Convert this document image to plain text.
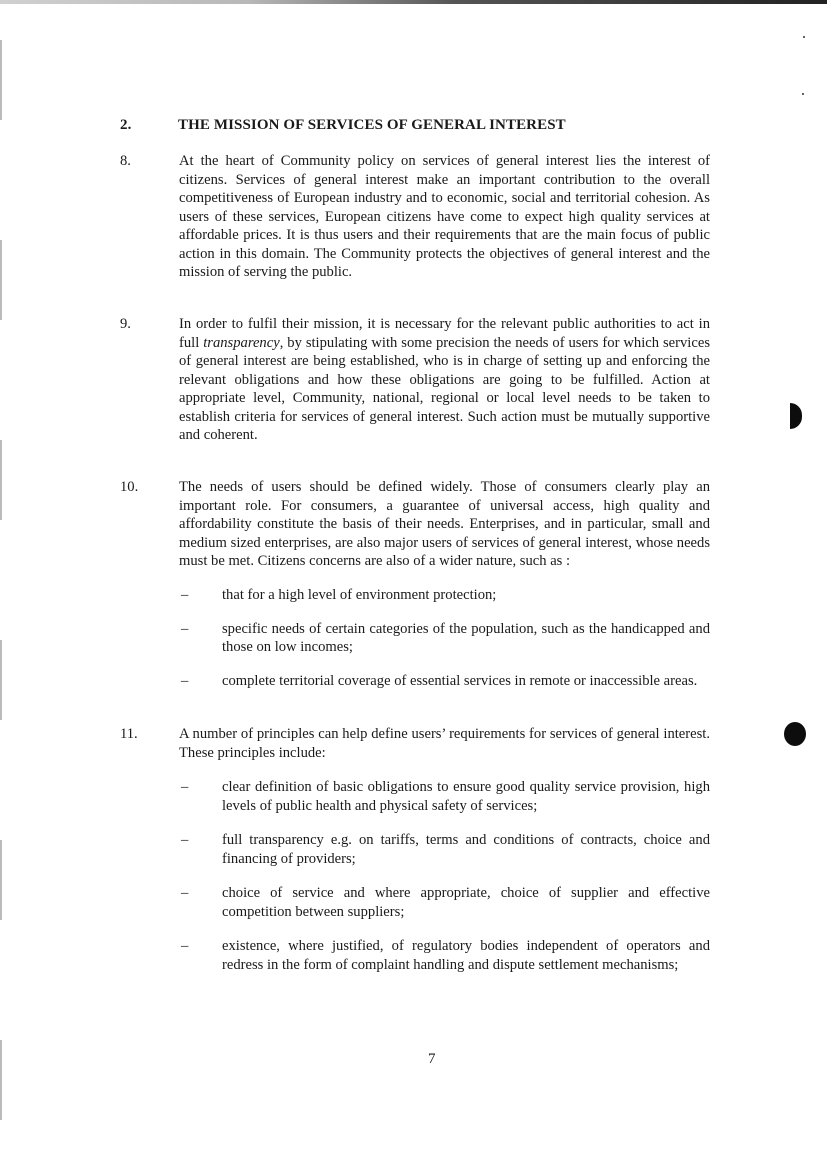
2.	THE MISSION OF SERVICES OF GENERAL INTEREST
8.	At the heart of Community policy on services of general interest lies the interest of citizens. Services of general interest make an important contribution to the overall competitiveness of European industry and to economic, social and territorial cohesion. As users of these services, European citizens have come to expect high quality services at affordable prices. It is thus users and their requirements that are the main focus of public action in this domain. The Community protects the objectives of general interest and the mission of serving the public.
9.	In order to fulfil their mission, it is necessary for the relevant public authorities to act in full transparency, by stipulating with some precision the needs of users for which services of general interest are being established, who is in charge of setting up and enforcing the relevant obligations and how these obligations are going to be fulfilled. Action at appropriate level, Community, national, regional or local level needs to be taken to establish criteria for services of general interest. Such action must be mutually supportive and coherent.
10.	The needs of users should be defined widely. Those of consumers clearly play an important role. For consumers, a guarantee of universal access, high quality and affordability constitute the basis of their needs. Enterprises, and in particular, small and medium sized enterprises, are also major users of services of general interest, whose needs must be met. Citizens concerns are also of a wider nature, such as :
– that for a high level of environment protection;
– specific needs of certain categories of the population, such as the handicapped and those on low incomes;
– complete territorial coverage of essential services in remote or inaccessible areas.
11.	A number of principles can help define users’ requirements for services of general interest. These principles include:
– clear definition of basic obligations to ensure good quality service provision, high levels of public health and physical safety of services;
– full transparency e.g. on tariffs, terms and conditions of contracts, choice and financing of providers;
– choice of service and where appropriate, choice of supplier and effective competition between suppliers;
– existence, where justified, of regulatory bodies independent of operators and redress in the form of complaint handling and dispute settlement mechanisms;
7
